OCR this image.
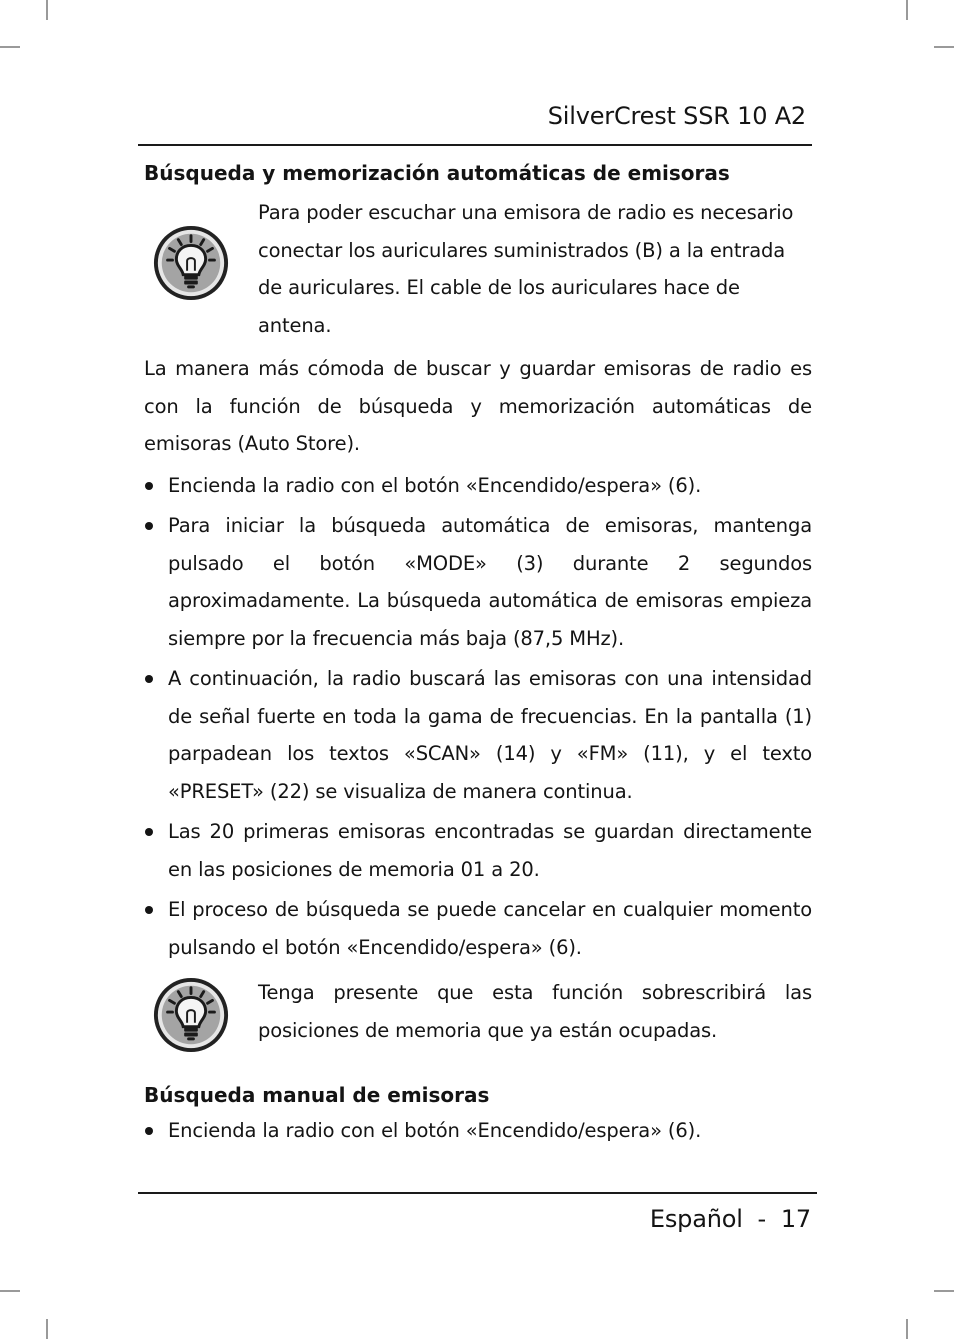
SilverCrest SSR 10 A2
Búsqueda y memorización automáticas de emisoras
Para poder escuchar una emisora de radio es necesario conectar los auriculares suministrados (B) a la entrada de auriculares. El cable de los auriculares hace de antena.
La manera más cómoda de buscar y guardar emisoras de radio es con la función de búsqueda y memorización automáticas de emisoras (Auto Store).
Encienda la radio con el botón «Encendido/espera» (6).
Para iniciar la búsqueda automática de emisoras, mantenga pulsado el botón «MODE» (3) durante 2 segundos aproximadamente. La búsqueda automática de emisoras empieza siempre por la frecuencia más baja (87,5 MHz).
A continuación, la radio buscará las emisoras con una intensidad de señal fuerte en toda la gama de frecuencias. En la pantalla (1) parpadean los textos «SCAN» (14) y «FM» (11), y el texto «PRESET» (22) se visualiza de manera continua.
Las 20 primeras emisoras encontradas se guardan directamente en las posiciones de memoria 01 a 20.
El proceso de búsqueda se puede cancelar en cualquier momento pulsando el botón «Encendido/espera» (6).
Tenga presente que esta función sobrescribirá las posiciones de memoria que ya están ocupadas.
Búsqueda manual de emisoras
Encienda la radio con el botón «Encendido/espera» (6).
Español  -  17
